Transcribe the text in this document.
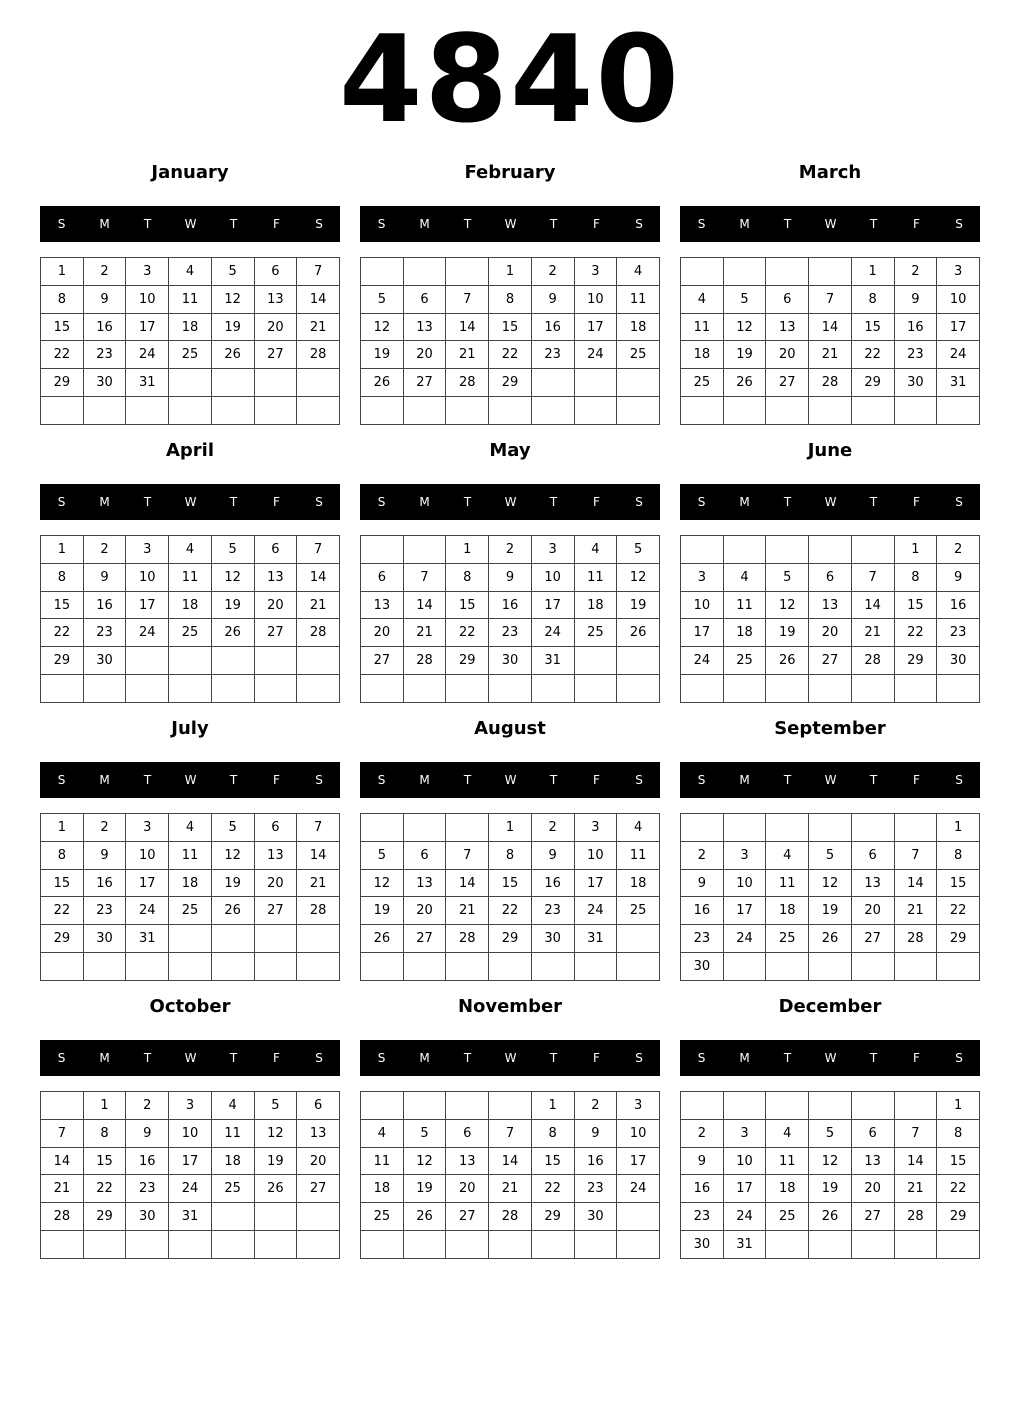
4840
January
S	M	T	W	T	F	S
1	2	3	4	5	6	7
8	9	10	11	12	13	14
15	16	17	18	19	20	21
22	23	24	25	26	27	28
29	30	31				

February
S	M	T	W	T	F	S
			1	2	3	4
5	6	7	8	9	10	11
12	13	14	15	16	17	18
19	20	21	22	23	24	25
26	27	28	29			

March
S	M	T	W	T	F	S
				1	2	3
4	5	6	7	8	9	10
11	12	13	14	15	16	17
18	19	20	21	22	23	24
25	26	27	28	29	30	31

April
S	M	T	W	T	F	S
1	2	3	4	5	6	7
8	9	10	11	12	13	14
15	16	17	18	19	20	21
22	23	24	25	26	27	28
29	30					

May
S	M	T	W	T	F	S
		1	2	3	4	5
6	7	8	9	10	11	12
13	14	15	16	17	18	19
20	21	22	23	24	25	26
27	28	29	30	31		

June
S	M	T	W	T	F	S
					1	2
3	4	5	6	7	8	9
10	11	12	13	14	15	16
17	18	19	20	21	22	23
24	25	26	27	28	29	30

July
S	M	T	W	T	F	S
1	2	3	4	5	6	7
8	9	10	11	12	13	14
15	16	17	18	19	20	21
22	23	24	25	26	27	28
29	30	31				

August
S	M	T	W	T	F	S
			1	2	3	4
5	6	7	8	9	10	11
12	13	14	15	16	17	18
19	20	21	22	23	24	25
26	27	28	29	30	31	

September
S	M	T	W	T	F	S
						1
2	3	4	5	6	7	8
9	10	11	12	13	14	15
16	17	18	19	20	21	22
23	24	25	26	27	28	29
30						
October
S	M	T	W	T	F	S
	1	2	3	4	5	6
7	8	9	10	11	12	13
14	15	16	17	18	19	20
21	22	23	24	25	26	27
28	29	30	31			

November
S	M	T	W	T	F	S
				1	2	3
4	5	6	7	8	9	10
11	12	13	14	15	16	17
18	19	20	21	22	23	24
25	26	27	28	29	30	

December
S	M	T	W	T	F	S
						1
2	3	4	5	6	7	8
9	10	11	12	13	14	15
16	17	18	19	20	21	22
23	24	25	26	27	28	29
30	31					
